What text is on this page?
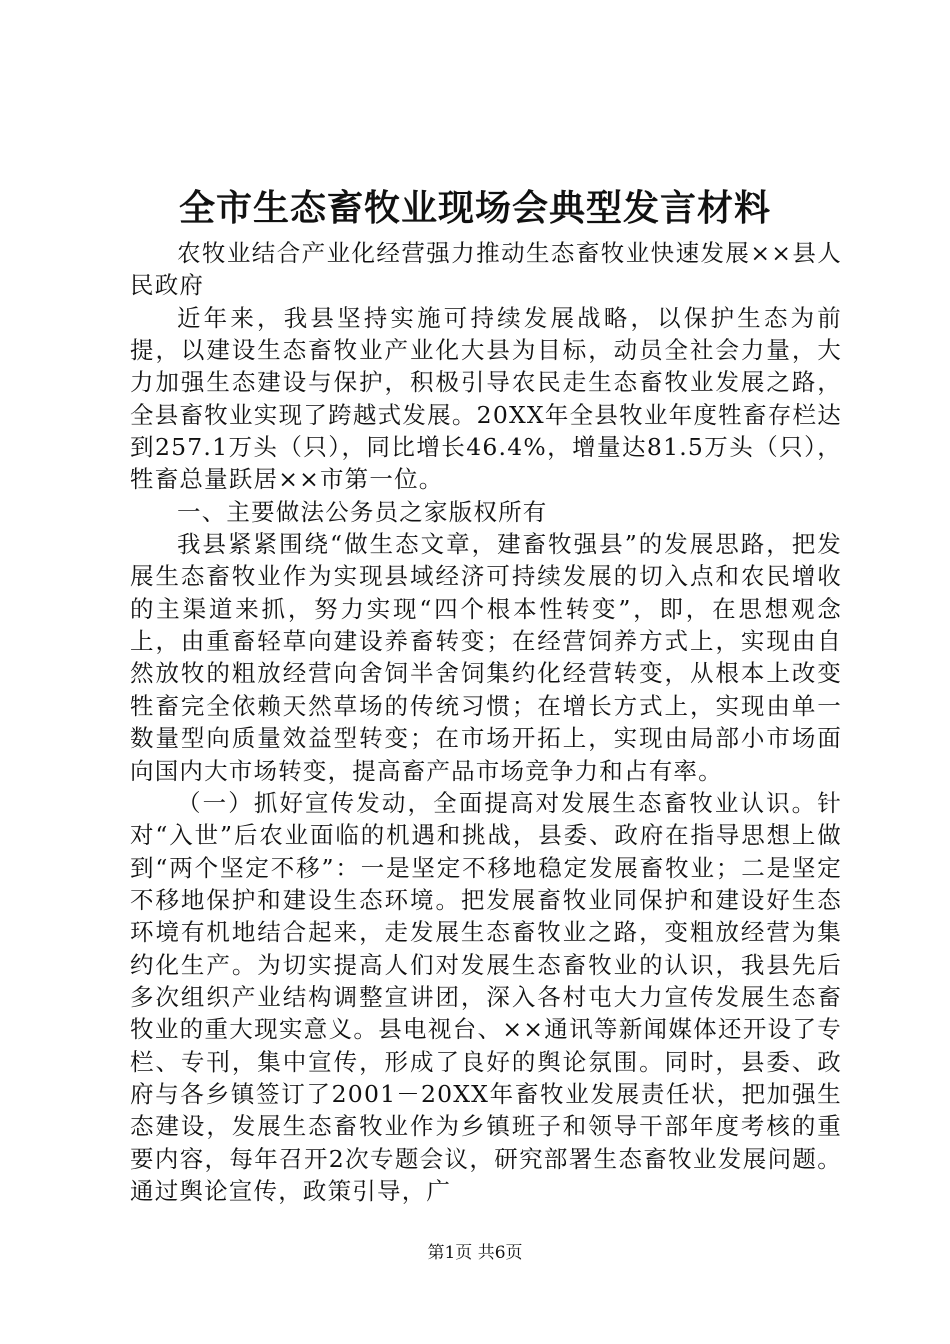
全市生态畜牧业现场会典型发言材料

农牧业结合产业化经营强力推动生态畜牧业快速发展××县人民政府

近年来，我县坚持实施可持续发展战略，以保护生态为前提，以建设生态畜牧业产业化大县为目标，动员全社会力量，大力加强生态建设与保护，积极引导农民走生态畜牧业发展之路，全县畜牧业实现了跨越式发展。20XX年全县牧业年度牲畜存栏达到257.1万头（只），同比增长46.4%，增量达81.5万头（只），牲畜总量跃居××市第一位。

一、主要做法公务员之家版权所有

我县紧紧围绕“做生态文章，建畜牧强县”的发展思路，把发展生态畜牧业作为实现县域经济可持续发展的切入点和农民增收的主渠道来抓，努力实现“四个根本性转变”，即，在思想观念上，由重畜轻草向建设养畜转变；在经营饲养方式上，实现由自然放牧的粗放经营向舍饲半舍饲集约化经营转变，从根本上改变牲畜完全依赖天然草场的传统习惯；在增长方式上，实现由单一数量型向质量效益型转变；在市场开拓上，实现由局部小市场面向国内大市场转变，提高畜产品市场竞争力和占有率。

（一）抓好宣传发动，全面提高对发展生态畜牧业认识。针对“入世”后农业面临的机遇和挑战，县委、政府在指导思想上做到“两个坚定不移”：一是坚定不移地稳定发展畜牧业；二是坚定不移地保护和建设生态环境。把发展畜牧业同保护和建设好生态环境有机地结合起来，走发展生态畜牧业之路，变粗放经营为集约化生产。为切实提高人们对发展生态畜牧业的认识，我县先后多次组织产业结构调整宣讲团，深入各村屯大力宣传发展生态畜牧业的重大现实意义。县电视台、××通讯等新闻媒体还开设了专栏、专刊，集中宣传，形成了良好的舆论氛围。同时，县委、政府与各乡镇签订了2001－20XX年畜牧业发展责任状，把加强生态建设，发展生态畜牧业作为乡镇班子和领导干部年度考核的重要内容，每年召开2次专题会议，研究部署生态畜牧业发展问题。通过舆论宣传，政策引导，广

第1页 共6页
